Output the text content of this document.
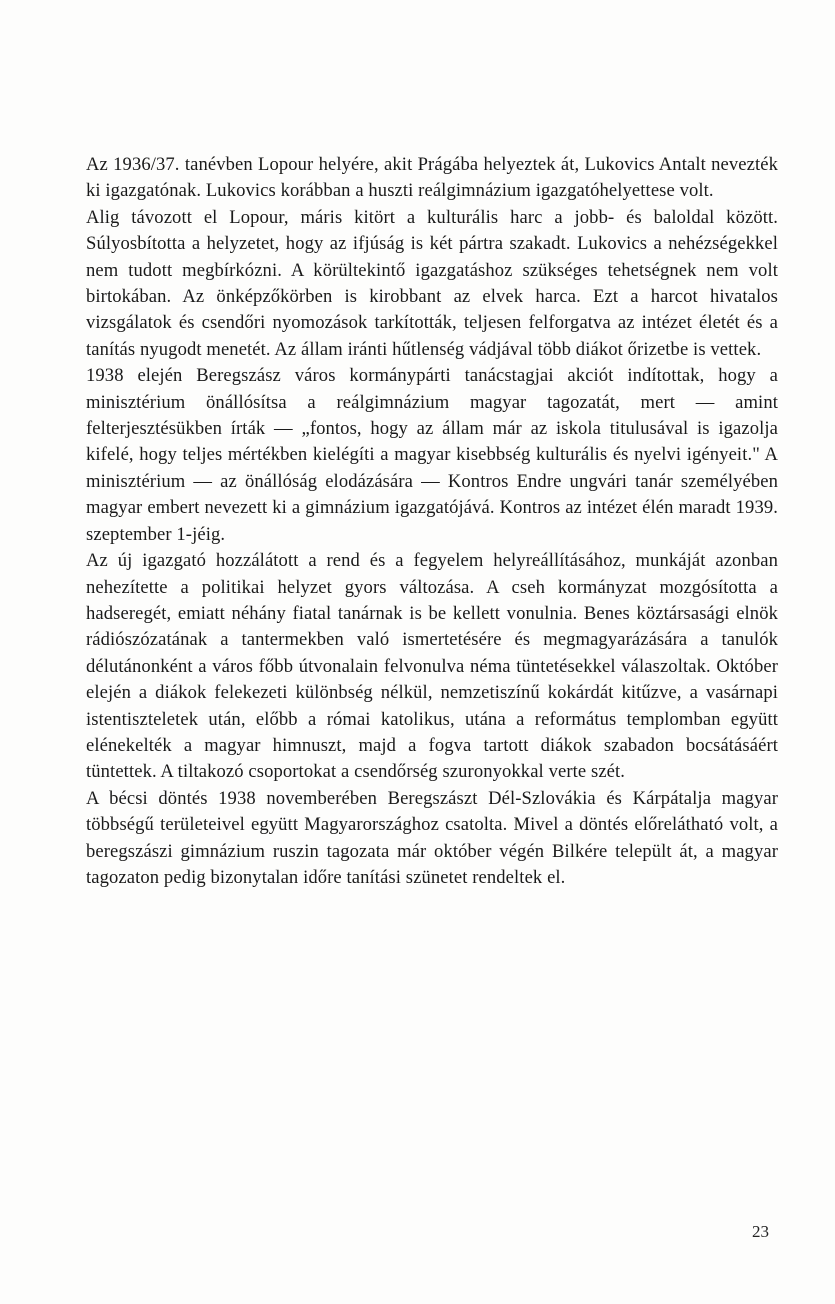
Az 1936/37. tanévben Lopour helyére, akit Prágába helyeztek át, Lukovics Antalt nevezték ki igazgatónak. Lukovics korábban a huszti reálgimnázium igazgatóhelyettese volt.

Alig távozott el Lopour, máris kitört a kulturális harc a jobb- és baloldal között. Súlyosbította a helyzetet, hogy az ifjúság is két pártra szakadt. Lukovics a nehézségekkel nem tudott megbírkózni. A körültekintő igazgatáshoz szükséges tehetségnek nem volt birtokában. Az önképzőkörben is kirobbant az elvek harca. Ezt a harcot hivatalos vizsgálatok és csendőri nyomozások tarkították, teljesen felforgatva az intézet életét és a tanítás nyugodt menetét. Az állam iránti hűtlenség vádjával több diákot őrizetbe is vettek.

1938 elején Beregszász város kormánypárti tanácstagjai akciót indítottak, hogy a minisztérium önállósítsa a reálgimnázium magyar tagozatát, mert — amint felterjesztésükben írták — „fontos, hogy az állam már az iskola titulusával is igazolja kifelé, hogy teljes mértékben kielégíti a magyar kisebbség kulturális és nyelvi igényeit." A minisztérium — az önállóság elodázására — Kontros Endre ungvári tanár személyében magyar embert nevezett ki a gimnázium igazgatójává. Kontros az intézet élén maradt 1939. szeptember 1-jéig.

Az új igazgató hozzálátott a rend és a fegyelem helyreállításához, munkáját azonban nehezítette a politikai helyzet gyors változása. A cseh kormányzat mozgósította a hadseregét, emiatt néhány fiatal tanárnak is be kellett vonulnia. Benes köztársasági elnök rádiószózatának a tantermekben való ismertetésére és megmagyarázására a tanulók délutánonként a város főbb útvonalain felvonulva néma tüntetésekkel válaszoltak. Október elején a diákok felekezeti különbség nélkül, nemzetiszínű kokárdát kitűzve, a vasárnapi istentiszteletek után, előbb a római katolikus, utána a református templomban együtt elénekelték a magyar himnuszt, majd a fogva tartott diákok szabadon bocsátásáért tüntettek. A tiltakozó csoportokat a csendőrség szuronyokkal verte szét.

A bécsi döntés 1938 novemberében Beregszászt Dél-Szlovákia és Kárpátalja magyar többségű területeivel együtt Magyarországhoz csatolta. Mivel a döntés előrelátható volt, a beregszászi gimnázium ruszin tagozata már október végén Bilkére települt át, a magyar tagozaton pedig bizonytalan időre tanítási szünetet rendeltek el.

23
